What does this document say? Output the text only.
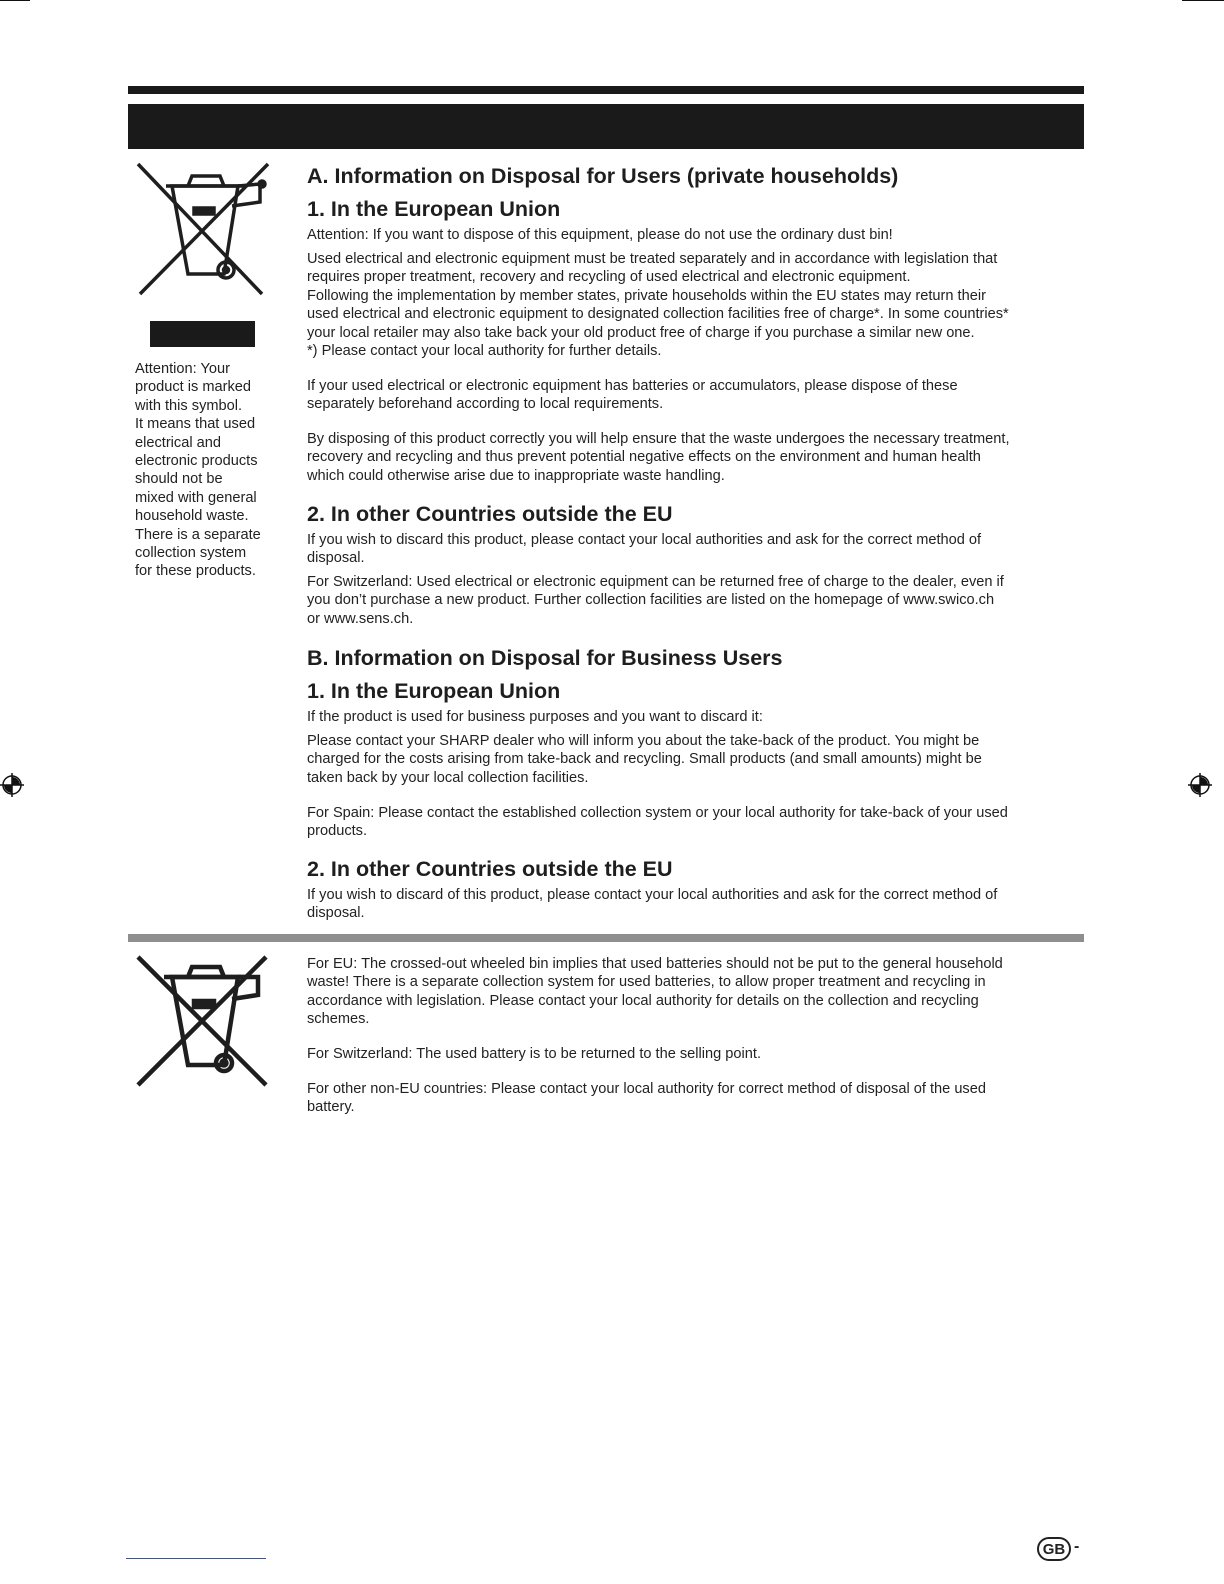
Attention: Your
product is marked
with this symbol.
It means that used
electrical and
electronic products
should not be
mixed with general
household waste.
There is a separate
collection system
for these products.
A. Information on Disposal for Users (private households)
1. In the European Union
Attention: If you want to dispose of this equipment, please do not use the ordinary dust bin!
Used electrical and electronic equipment must be treated separately and in accordance with legislation that
requires proper treatment, recovery and recycling of used electrical and electronic equipment.
Following the implementation by member states, private households within the EU states may return their
used electrical and electronic equipment to designated collection facilities free of charge*. In some countries*
your local retailer may also take back your old product free of charge if you purchase a similar new one.
*) Please contact your local authority for further details.
If your used electrical or electronic equipment has batteries or accumulators, please dispose of these
separately beforehand according to local requirements.
By disposing of this product correctly you will help ensure that the waste undergoes the necessary treatment,
recovery and recycling and thus prevent potential negative effects on the environment and human health
which could otherwise arise due to inappropriate waste handling.
2. In other Countries outside the EU
If you wish to discard this product, please contact your local authorities and ask for the correct method of
disposal.
For Switzerland: Used electrical or electronic equipment can be returned free of charge to the dealer, even if
you don’t purchase a new product. Further collection facilities are listed on the homepage of www.swico.ch
or www.sens.ch.
B. Information on Disposal for Business Users
1. In the European Union
If the product is used for business purposes and you want to discard it:
Please contact your SHARP dealer who will inform you about the take-back of the product. You might be
charged for the costs arising from take-back and recycling. Small products (and small amounts) might be
taken back by your local collection facilities.
For Spain: Please contact the established collection system or your local authority for take-back of your used
products.
2. In other Countries outside the EU
If you wish to discard of this product, please contact your local authorities and ask for the correct method of
disposal.
For EU: The crossed-out wheeled bin implies that used batteries should not be put to the general household
waste! There is a separate collection system for used batteries, to allow proper treatment and recycling in
accordance with legislation. Please contact your local authority for details on the collection and recycling
schemes.
For Switzerland: The used battery is to be returned to the selling point.
For other non-EU countries: Please contact your local authority for correct method of disposal of the used
battery.
GB -
